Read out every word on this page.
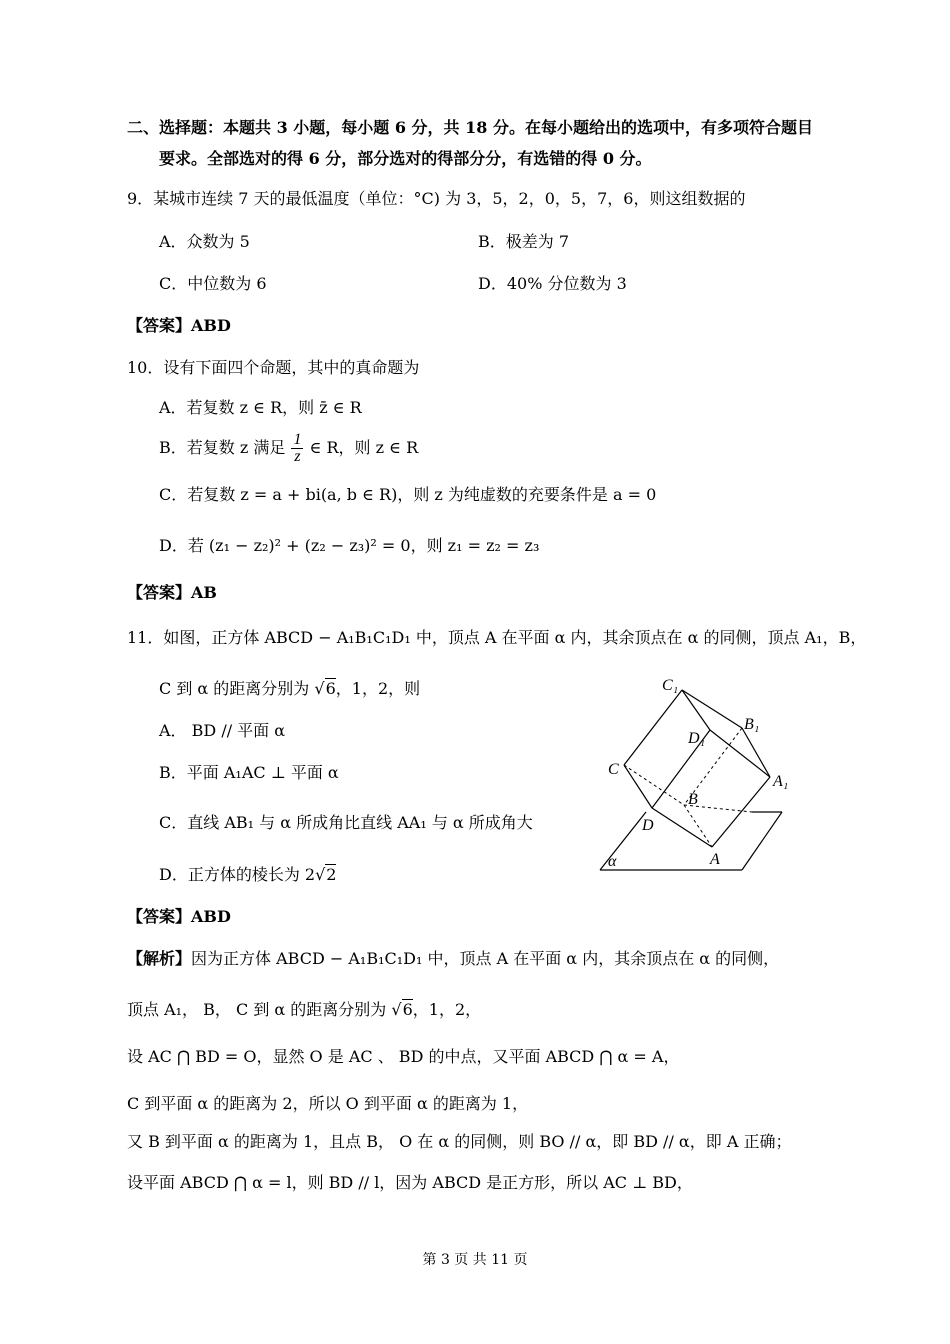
二、选择题：本题共 3 小题，每小题 6 分，共 18 分。在每小题给出的选项中，有多项符合题目
要求。全部选对的得 6 分，部分选对的得部分分，有选错的得 0 分。
9．某城市连续 7 天的最低温度（单位：°C) 为 3，5，2，0，5，7，6，则这组数据的
A．众数为 5	B．极差为 7
C．中位数为 6	D．40% 分位数为 3
【答案】ABD
10．设有下面四个命题，其中的真命题为
A．若复数 z ∈ R，则 z̄ ∈ R
B．若复数 z 满足 $\frac{1}{z}$ ∈ R，则 z ∈ R
C．若复数 z = a + bi(a, b ∈ R)，则 z 为纯虚数的充要条件是 a = 0
D．若 (z₁ − z₂)² + (z₂ − z₃)² = 0，则 z₁ = z₂ = z₃
【答案】AB
11．如图，正方体 ABCD − A₁B₁C₁D₁ 中，顶点 A 在平面 α 内，其余顶点在 α 的同侧，顶点 A₁，B，
C 到 α 的距离分别为 √6，1，2，则
A． BD // 平面 α
B．平面 A₁AC ⊥ 平面 α
C．直线 AB₁ 与 α 所成角比直线 AA₁ 与 α 所成角大
D．正方体的棱长为 2√2
【答案】ABD
C₁
B₁
D₁
C
A₁
B
D
A
α
【解析】因为正方体 ABCD − A₁B₁C₁D₁ 中，顶点 A 在平面 α 内，其余顶点在 α 的同侧，
顶点 A₁， B， C 到 α 的距离分别为 √6，1，2，
设 AC ⋂ BD = O，显然 O 是 AC 、 BD 的中点，又平面 ABCD ⋂ α = A，
C 到平面 α 的距离为 2，所以 O 到平面 α 的距离为 1，
又 B 到平面 α 的距离为 1，且点 B， O 在 α 的同侧，则 BO // α，即 BD // α，即 A 正确；
设平面 ABCD ⋂ α = l，则 BD // l，因为 ABCD 是正方形，所以 AC ⊥ BD，
第 3 页 共 11 页
